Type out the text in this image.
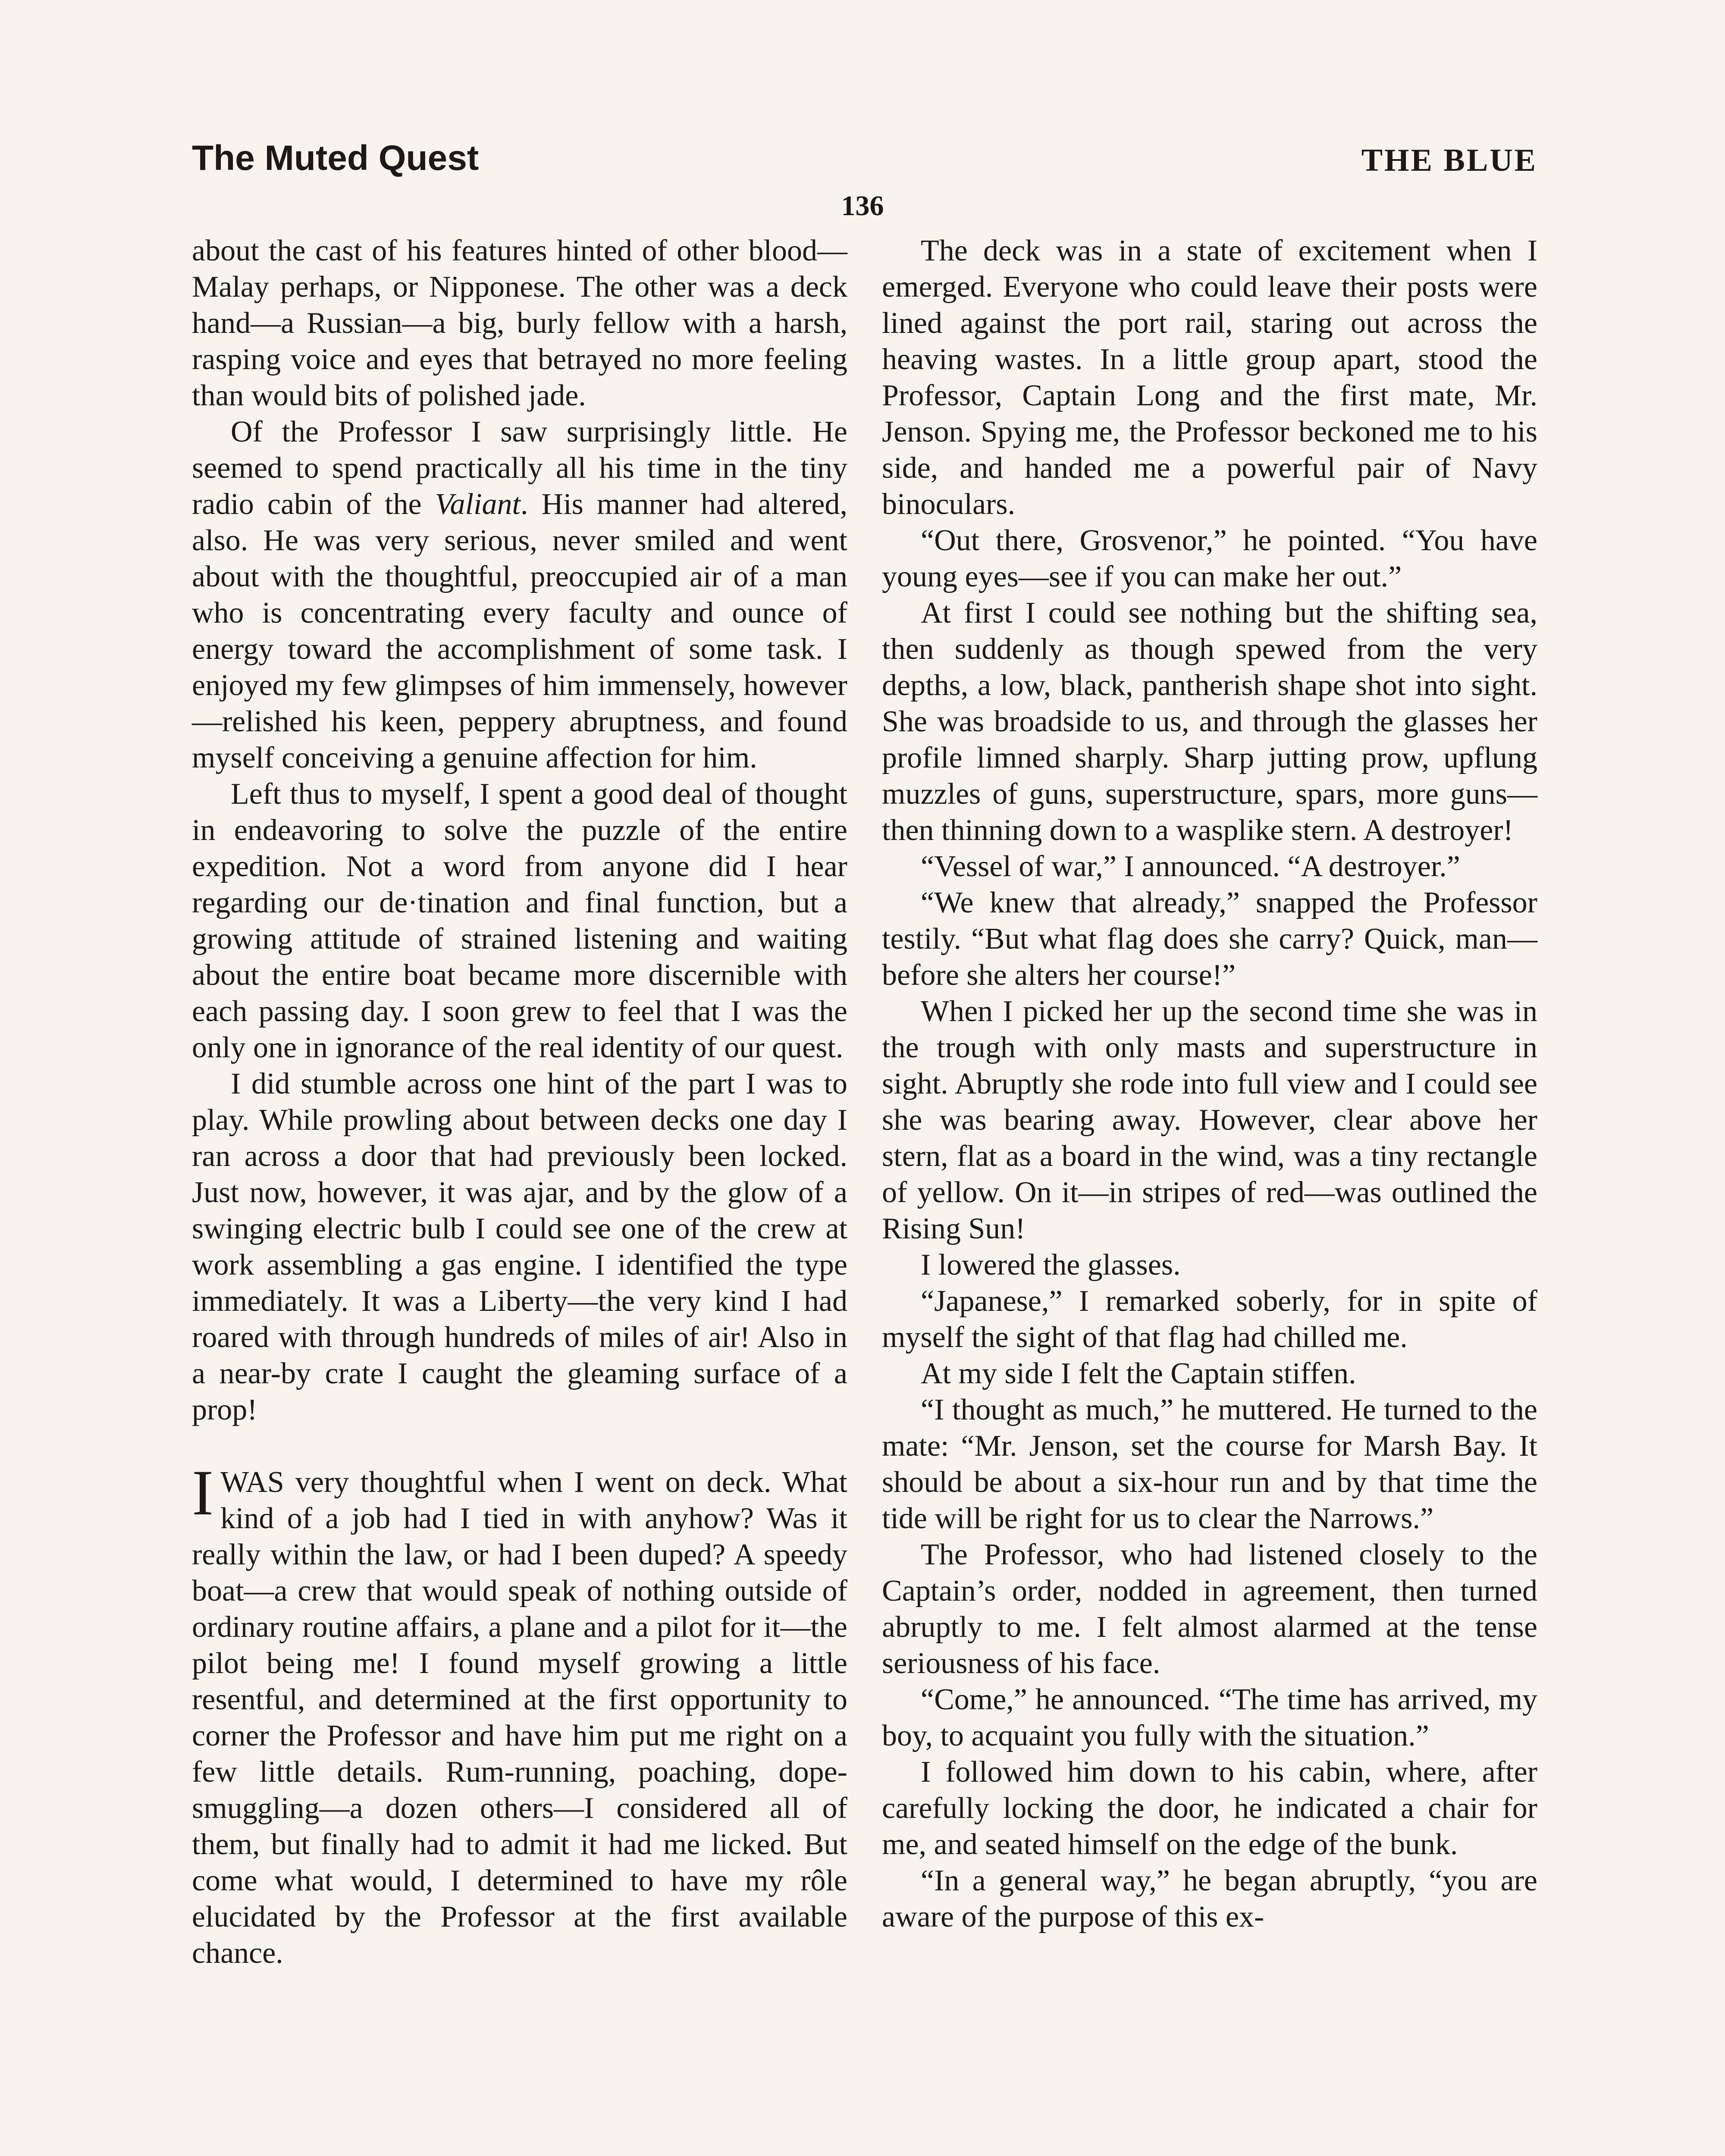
The Muted Quest	THE BLUE
136

about the cast of his features hinted of other blood—Malay perhaps, or Nipponese. The other was a deck hand—a Russian—a big, burly fellow with a harsh, rasping voice and eyes that betrayed no more feeling than would bits of polished jade.

Of the Professor I saw surprisingly little. He seemed to spend practically all his time in the tiny radio cabin of the Valiant. His manner had altered, also. He was very serious, never smiled and went about with the thoughtful, preoccupied air of a man who is concentrating every faculty and ounce of energy toward the accomplishment of some task. I enjoyed my few glimpses of him immensely, however—relished his keen, peppery abruptness, and found myself conceiving a genuine affection for him.

Left thus to myself, I spent a good deal of thought in endeavoring to solve the puzzle of the entire expedition. Not a word from anyone did I hear regarding our de·tination and final function, but a growing attitude of strained listening and waiting about the entire boat became more discernible with each passing day. I soon grew to feel that I was the only one in ignorance of the real identity of our quest.

I did stumble across one hint of the part I was to play. While prowling about between decks one day I ran across a door that had previously been locked. Just now, however, it was ajar, and by the glow of a swinging electric bulb I could see one of the crew at work assembling a gas engine. I identified the type immediately. It was a Liberty—the very kind I had roared with through hundreds of miles of air! Also in a near-by crate I caught the gleaming surface of a prop!

I WAS very thoughtful when I went on deck. What kind of a job had I tied in with anyhow? Was it really within the law, or had I been duped? A speedy boat—a crew that would speak of nothing outside of ordinary routine affairs, a plane and a pilot for it—the pilot being me! I found myself growing a little resentful, and determined at the first opportunity to corner the Professor and have him put me right on a few little details. Rum-running, poaching, dope-smuggling—a dozen others—I considered all of them, but finally had to admit it had me licked. But come what would, I determined to have my rôle elucidated by the Professor at the first available chance.

The deck was in a state of excitement when I emerged. Everyone who could leave their posts were lined against the port rail, staring out across the heaving wastes. In a little group apart, stood the Professor, Captain Long and the first mate, Mr. Jenson. Spying me, the Professor beckoned me to his side, and handed me a powerful pair of Navy binoculars.

“Out there, Grosvenor,” he pointed. “You have young eyes—see if you can make her out.”

At first I could see nothing but the shifting sea, then suddenly as though spewed from the very depths, a low, black, pantherish shape shot into sight. She was broadside to us, and through the glasses her profile limned sharply. Sharp jutting prow, upflung muzzles of guns, superstructure, spars, more guns—then thinning down to a wasplike stern. A destroyer!

“Vessel of war,” I announced. “A destroyer.”

“We knew that already,” snapped the Professor testily. “But what flag does she carry? Quick, man—before she alters her course!”

When I picked her up the second time she was in the trough with only masts and superstructure in sight. Abruptly she rode into full view and I could see she was bearing away. However, clear above her stern, flat as a board in the wind, was a tiny rectangle of yellow. On it—in stripes of red—was outlined the Rising Sun!

I lowered the glasses.

“Japanese,” I remarked soberly, for in spite of myself the sight of that flag had chilled me.

At my side I felt the Captain stiffen.

“I thought as much,” he muttered. He turned to the mate: “Mr. Jenson, set the course for Marsh Bay. It should be about a six-hour run and by that time the tide will be right for us to clear the Narrows.”

The Professor, who had listened closely to the Captain’s order, nodded in agreement, then turned abruptly to me. I felt almost alarmed at the tense seriousness of his face.

“Come,” he announced. “The time has arrived, my boy, to acquaint you fully with the situation.”

I followed him down to his cabin, where, after carefully locking the door, he indicated a chair for me, and seated himself on the edge of the bunk.

“In a general way,” he began abruptly, “you are aware of the purpose of this ex-
